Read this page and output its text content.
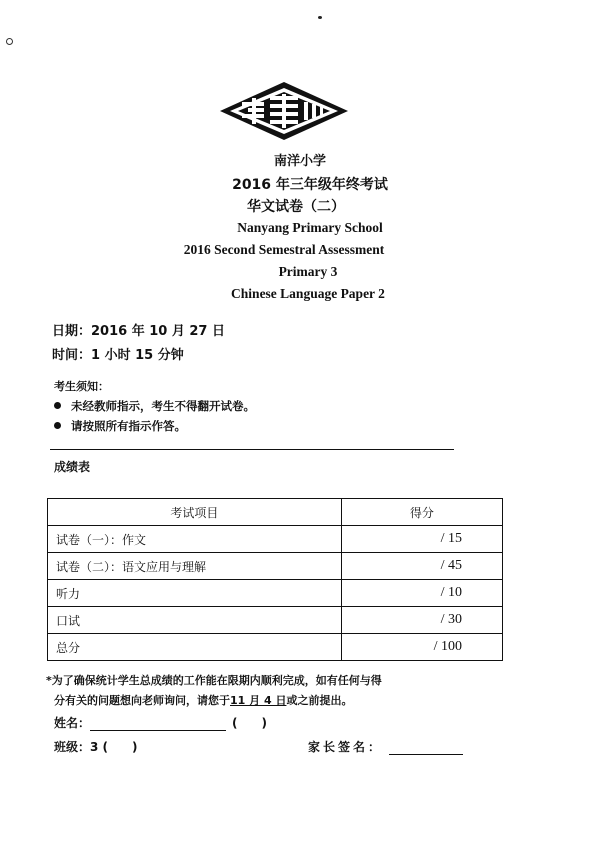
南洋小学
2016 年三年级年终考试
华文试卷（二）
Nanyang Primary School
2016 Second Semestral Assessment
Primary 3
Chinese Language Paper 2
日期：2016 年 10 月 27 日
时间：1 小时 15 分钟
考生须知：
未经教师指示，考生不得翻开试卷。
请按照所有指示作答。
成绩表
考试项目	得分
试卷（一）：作文	/ 15
试卷（二）：语文应用与理解	/ 45
听力	/ 10
口试	/ 30
总分	/ 100
*为了确保统计学生总成绩的工作能在限期内顺利完成，如有任何与得
分有关的问题想向老师询问，请您于11 月 4 日或之前提出。
姓名：	(　　)
班级：3 (　　)	家长签名：
